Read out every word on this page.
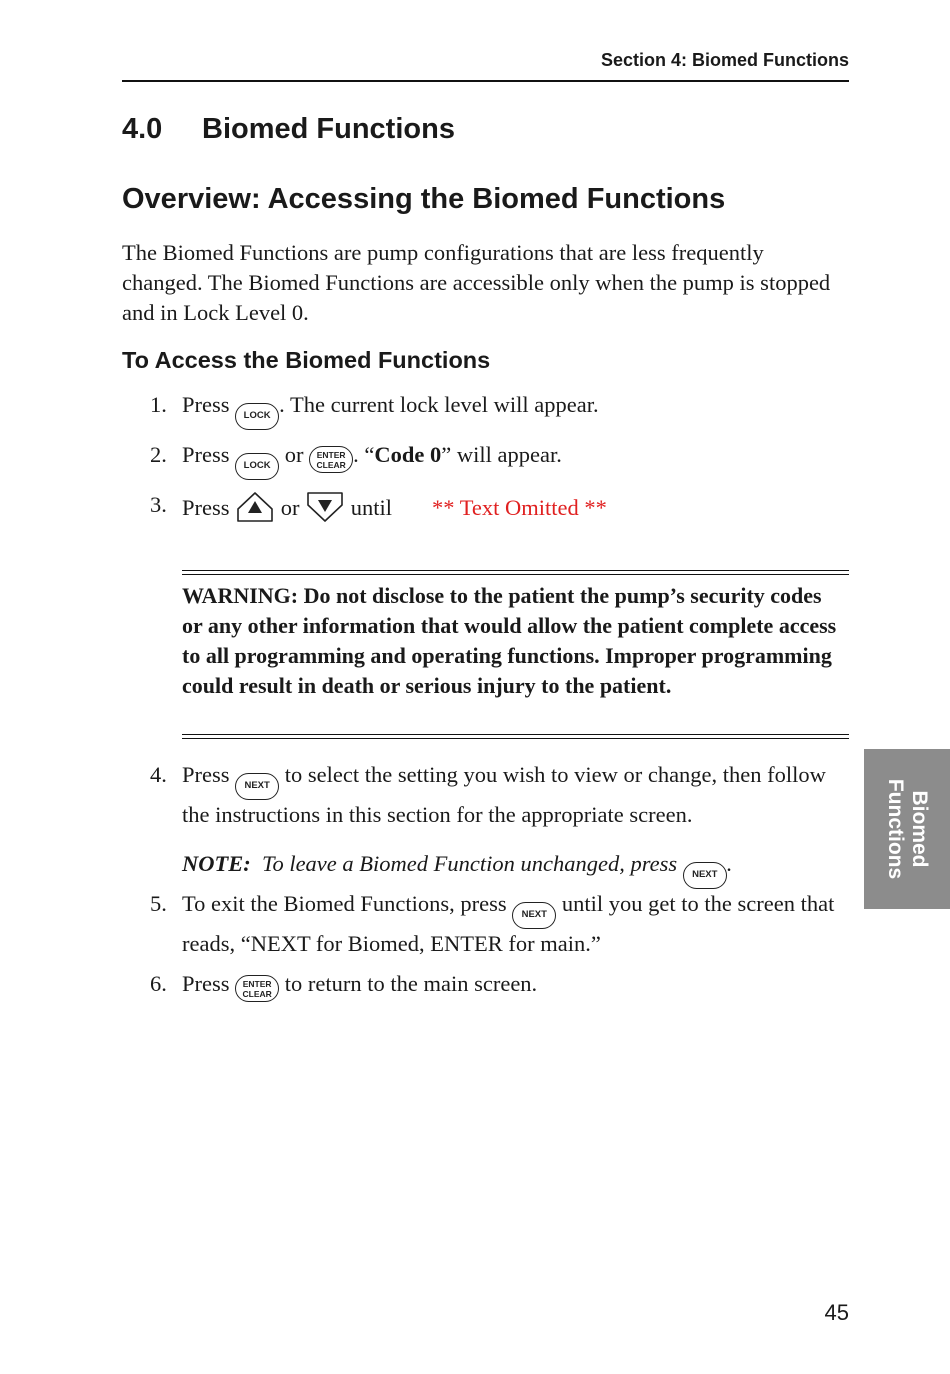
Section 4: Biomed Functions
4.0 Biomed Functions
Overview: Accessing the Biomed Functions

The Biomed Functions are pump configurations that are less frequently changed. The Biomed Functions are accessible only when the pump is stopped and in Lock Level 0.

To Access the Biomed Functions
1. Press LOCK . The current lock level will appear.
2. Press LOCK or	ENTER
CLEAR . “Code 0” will appear.
3. Press or until ** Text Omitted **

WARNING: Do not disclose to the patient the pump’s security codes or any other information that would allow the patient complete access to all programming and operating functions. Improper programming could result in death or serious injury to the patient.

4. Press NEXT to select the setting you wish to view or change, then follow the instructions in this section for the appropriate screen.
NOTE: To leave a Biomed Function unchanged, press NEXT .
5. To exit the Biomed Functions, press NEXT until you get to the screen that reads, “NEXT for Biomed, ENTER for main.”
6. Press	ENTER
CLEAR to return to the main screen.
Biomed
Functions
45
